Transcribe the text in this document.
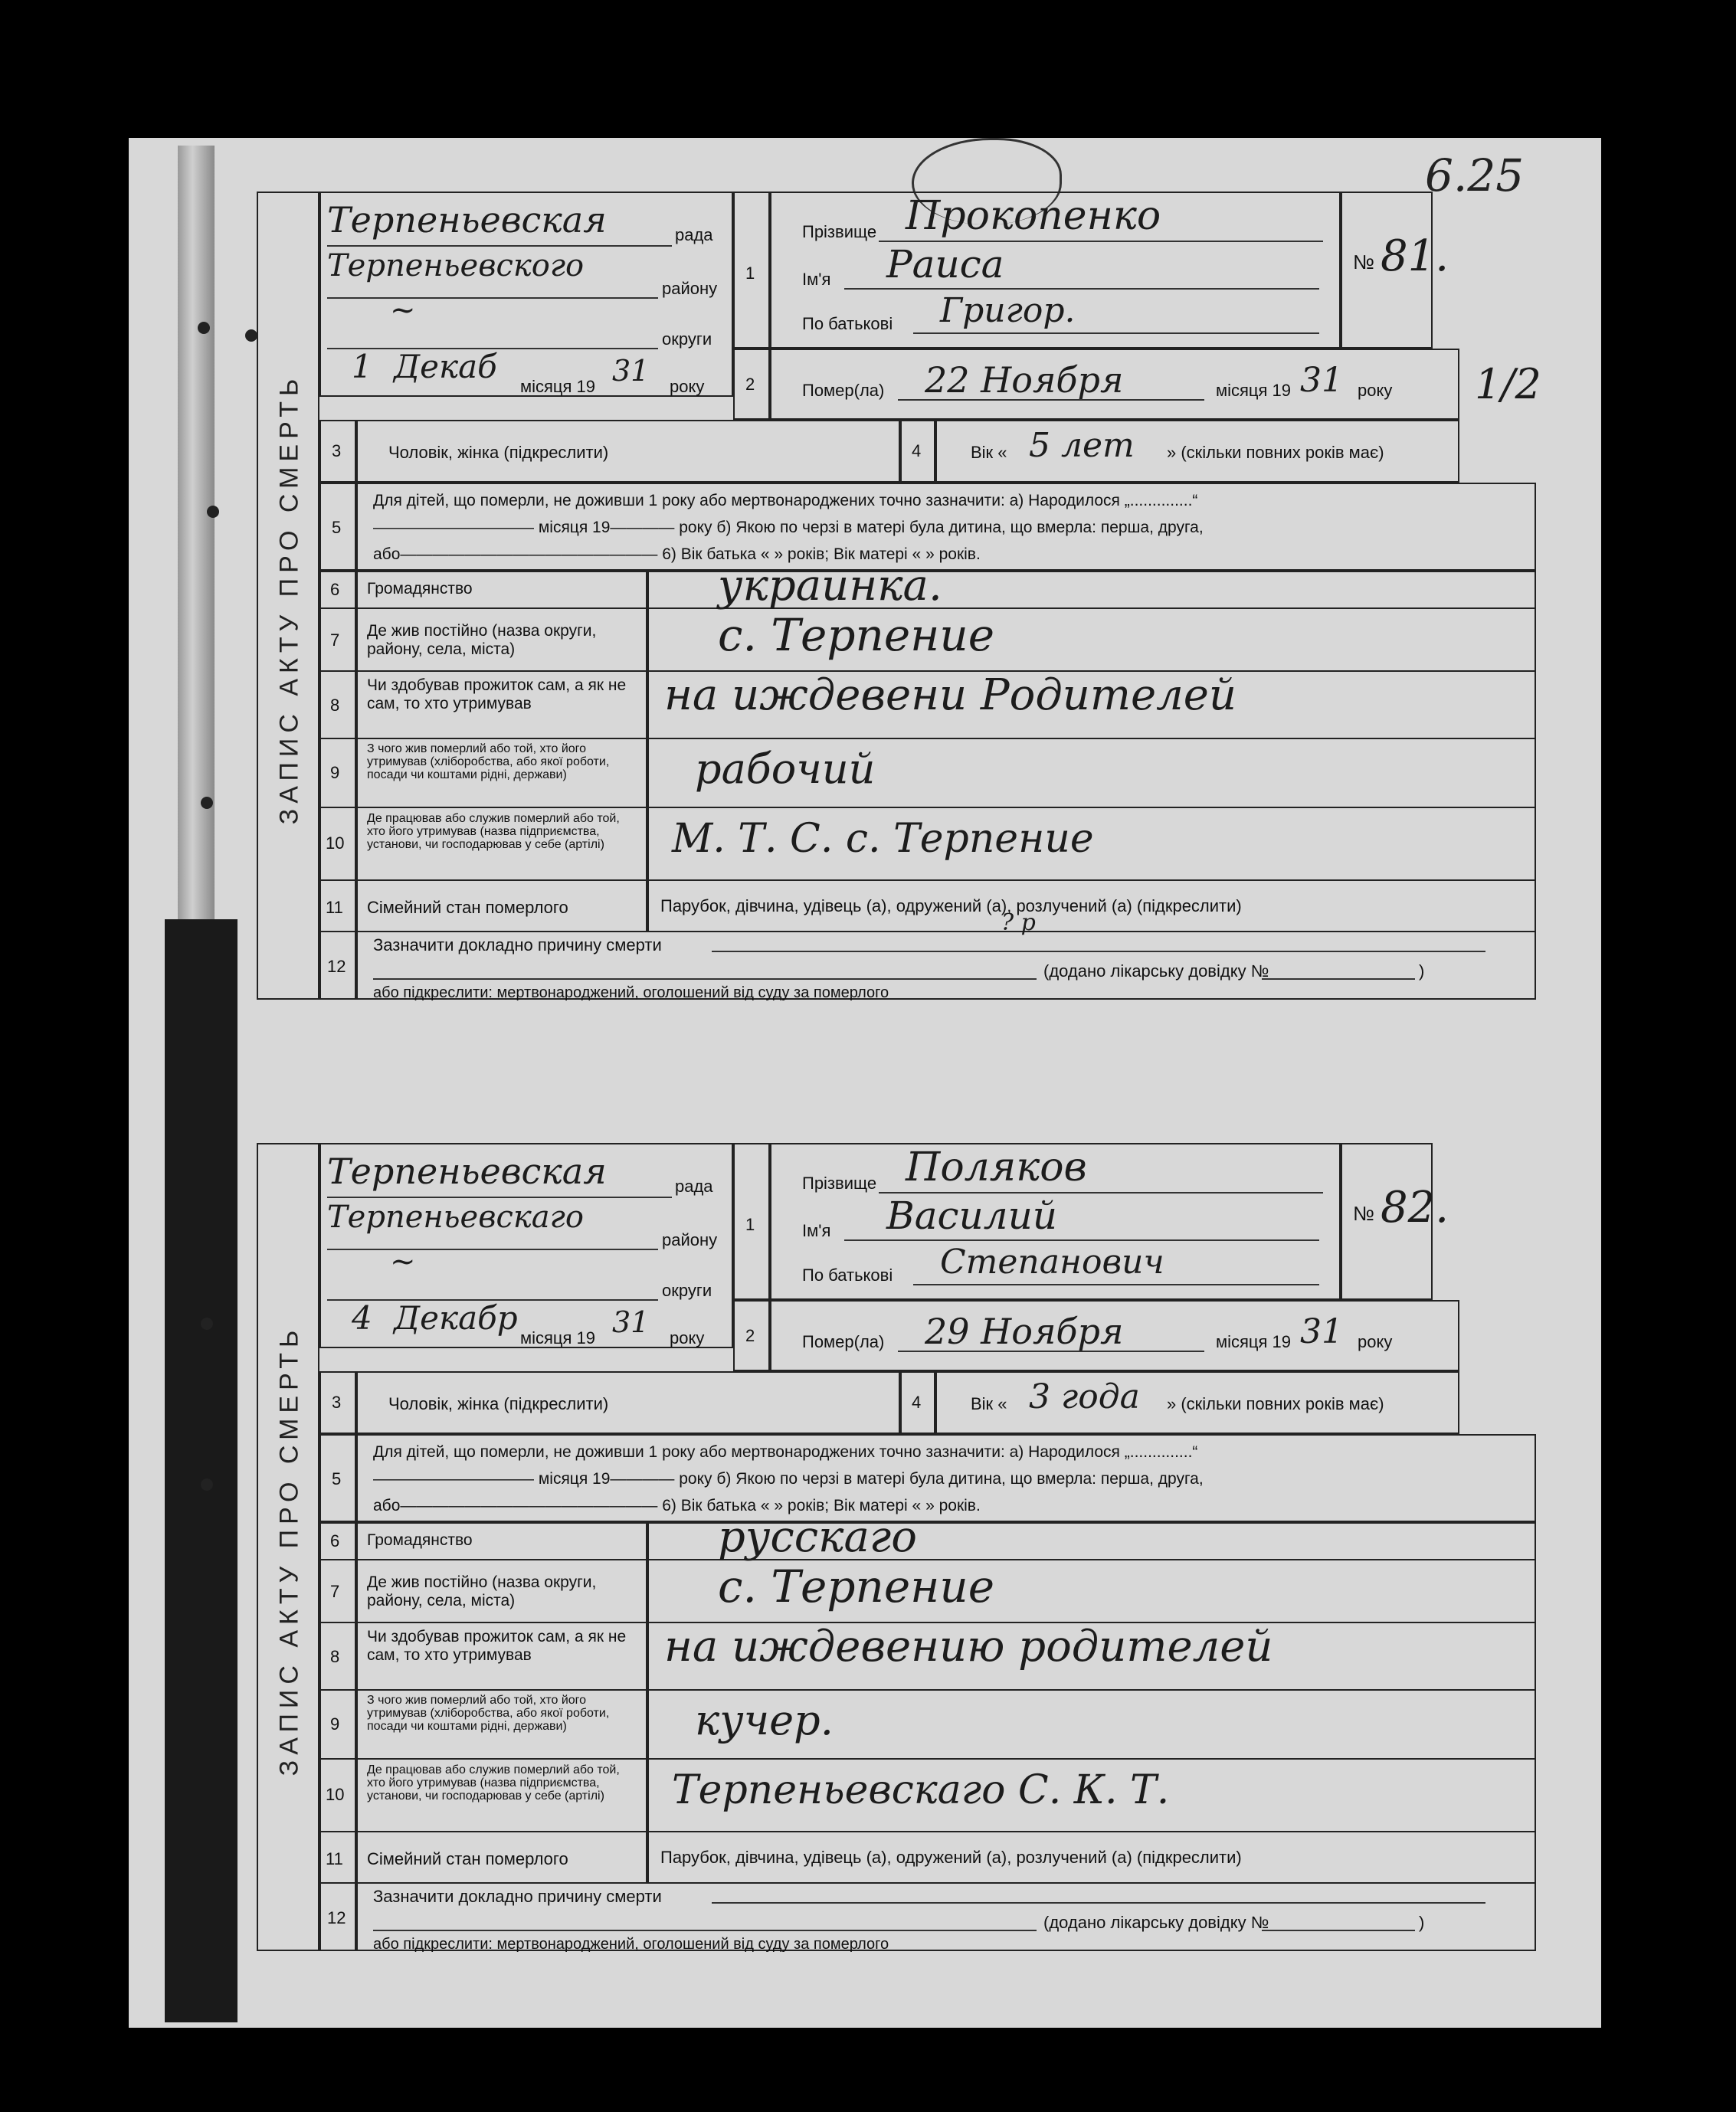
6.25
1/2
ЗАПИС АКТУ ПРО СМЕРТЬ
Терпеньевская	рада
Терпеньевского
району
~
округи
1 Декаб
місяця 19 31 року
1
Прізвище Прокопенко
Ім'я Раиса
По батькові Григор.
№ 81.
2	Помер(ла) 22 Ноября	місяця 19 31 року
3	Чоловік, жінка (підкреслити)	4	Вік « 5 лет » (скільки повних років має)
5
Для дітей, що померли, не доживши 1 року або мертвонароджених точно зазначити: а) Народилося „..............“
—————————— місяця 19———— року б) Якою по черзі в матері була дитина, що вмерла: перша, друга,
або———————————————— 6) Вік батька « » років; Вік матері « » років.
6 Громадянство	украинка.
7 Де жив постійно (назва округи, району, села, міста)	с. Терпение
8
Чи здобував прожиток сам, а як не сам, то хто утримував	на иждевени Родителей
9
З чого жив померлий або той, хто його утримував (хліборобства, або якої роботи, посади чи коштами рідні, держави)	рабочий
10
Де працював або служив померлий або той, хто його утримував (назва підприємства, установи, чи господарював у себе (артілі)	М. Т. С. с. Терпение
11 Сімейний стан померлого	Парубок, дівчина, удівець (а), одружений (а), розлучений (а) (підкреслити)
12
Зазначити докладно причину смерти
(додано лікарську довідку №	)
або підкреслити: мертвонароджений, оголошений від суду за померлого
? р
ЗАПИС АКТУ ПРО СМЕРТЬ
Терпеньевская	рада
Терпеньевскаго
району
~
округи
4 Декабр
місяця 19 31 року
1
Прізвище Поляков
Ім'я Василий
По батькові Степанович
№ 82.
2	Помер(ла) 29 Ноября	місяця 19 31 року
3	Чоловік, жінка (підкреслити)	4	Вік « 3 года » (скільки повних років має)
5
Для дітей, що померли, не доживши 1 року або мертвонароджених точно зазначити: а) Народилося „..............“
—————————— місяця 19———— року б) Якою по черзі в матері була дитина, що вмерла: перша, друга,
або———————————————— 6) Вік батька « » років; Вік матері « » років.
6 Громадянство	русскаго
7 Де жив постійно (назва округи, району, села, міста)	с. Терпение
8
Чи здобував прожиток сам, а як не сам, то хто утримував	на иждевению родителей
9
З чого жив померлий або той, хто його утримував (хліборобства, або якої роботи, посади чи коштами рідні, держави)	кучер.
10
Де працював або служив померлий або той, хто його утримував (назва підприємства, установи, чи господарював у себе (артілі)	Терпеньевскаго С. К. Т.
11 Сімейний стан померлого	Парубок, дівчина, удівець (а), одружений (а), розлучений (а) (підкреслити)
12
Зазначити докладно причину смерти
(додано лікарську довідку №	)
або підкреслити: мертвонароджений, оголошений від суду за померлого
